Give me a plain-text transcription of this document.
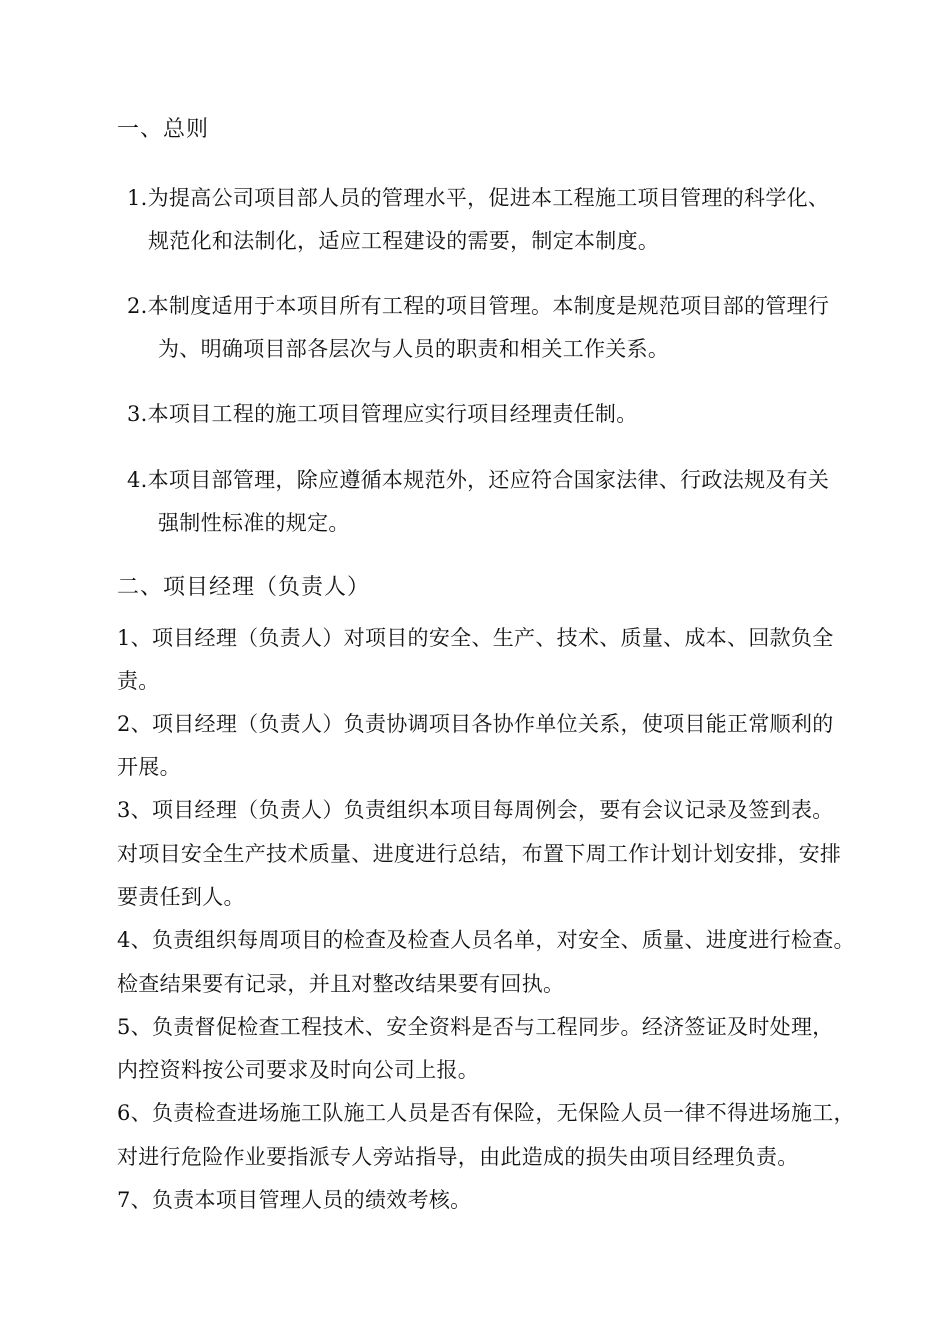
一、总则

1.为提高公司项目部人员的管理水平，促进本工程施工项目管理的科学化、

规范化和法制化，适应工程建设的需要，制定本制度。

2.本制度适用于本项目所有工程的项目管理。本制度是规范项目部的管理行

为、明确项目部各层次与人员的职责和相关工作关系。

3.本项目工程的施工项目管理应实行项目经理责任制。

4.本项目部管理，除应遵循本规范外，还应符合国家法律、行政法规及有关

强制性标准的规定。

二、项目经理（负责人）

1、项目经理（负责人）对项目的安全、生产、技术、质量、成本、回款负全

责。

2、项目经理（负责人）负责协调项目各协作单位关系，使项目能正常顺利的

开展。

3、项目经理（负责人）负责组织本项目每周例会，要有会议记录及签到表。

对项目安全生产技术质量、进度进行总结，布置下周工作计划计划安排，安排

要责任到人。

4、负责组织每周项目的检查及检查人员名单，对安全、质量、进度进行检查。

检查结果要有记录，并且对整改结果要有回执。

5、负责督促检查工程技术、安全资料是否与工程同步。经济签证及时处理，

内控资料按公司要求及时向公司上报。

6、负责检查进场施工队施工人员是否有保险，无保险人员一律不得进场施工，

对进行危险作业要指派专人旁站指导，由此造成的损失由项目经理负责。

7、负责本项目管理人员的绩效考核。
